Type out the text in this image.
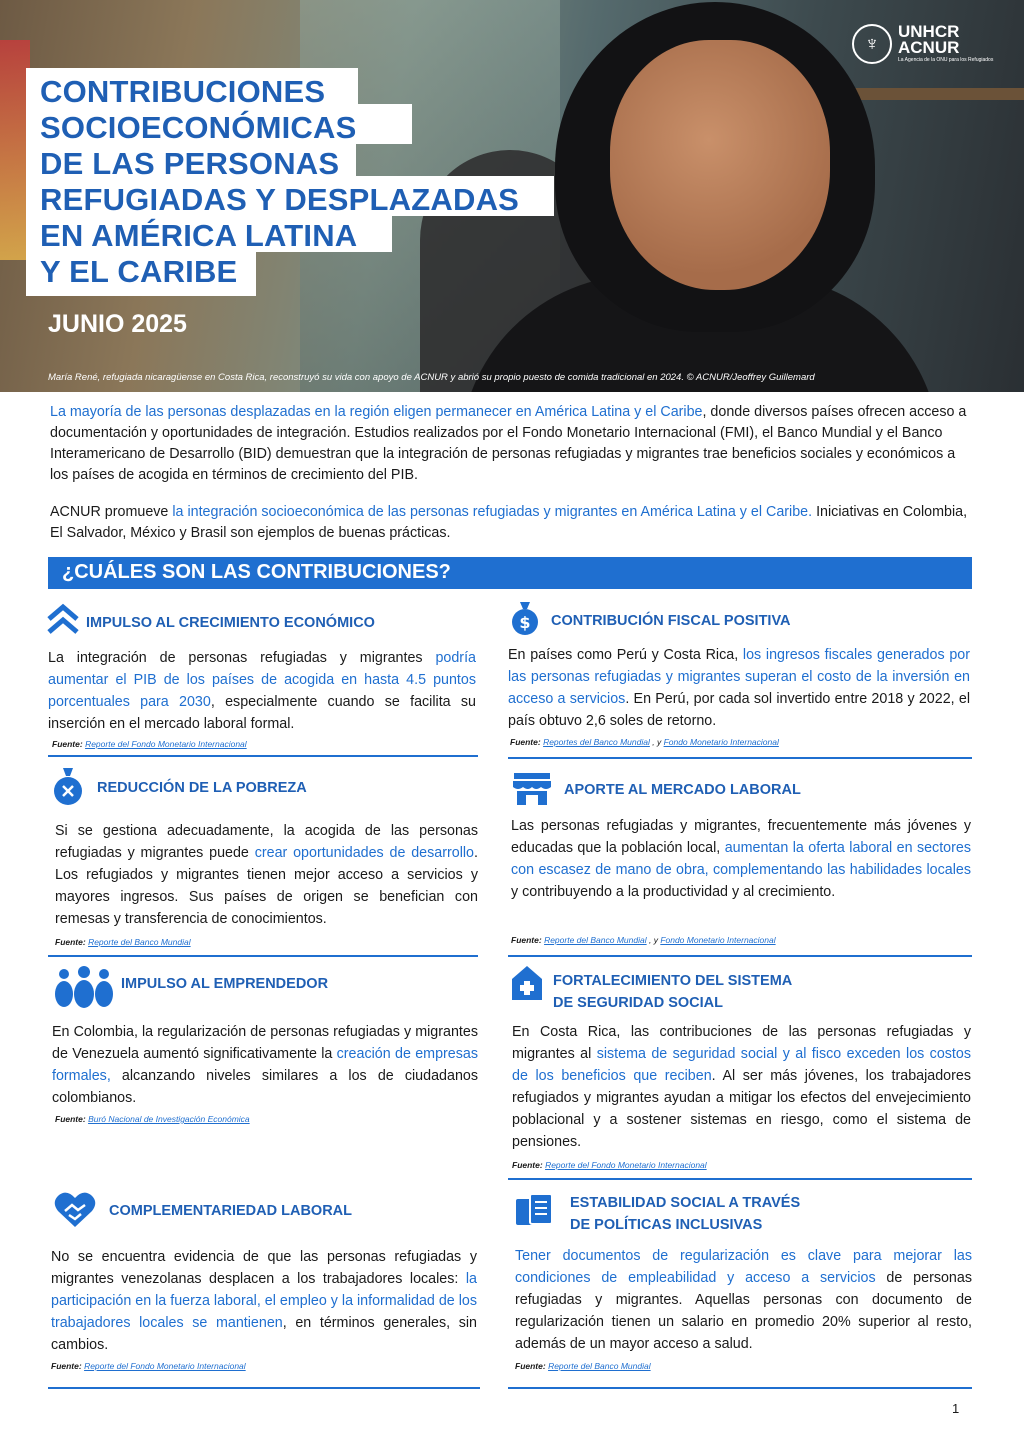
CONTRIBUCIONES
SOCIOECONÓMICAS
DE LAS PERSONAS
REFUGIADAS Y DESPLAZADAS
EN AMÉRICA LATINA
Y EL CARIBE
JUNIO 2025
María René, refugiada nicaragüense en Costa Rica, reconstruyó su vida con apoyo de ACNUR y abrió su propio puesto de comida tradicional en 2024. © ACNUR/Jeoffrey Guillemard
♆
UNHCR
ACNUR
La Agencia de la ONU para los Refugiados

La mayoría de las personas desplazadas en la región eligen permanecer en América Latina y el Caribe, donde diversos países ofrecen acceso a documentación y oportunidades de integración. Estudios realizados por el Fondo Monetario Internacional (FMI), el Banco Mundial y el Banco Interamericano de Desarrollo (BID) demuestran que la integración de personas refugiadas y migrantes trae beneficios sociales y económicos a los países de acogida en términos de crecimiento del PIB.

ACNUR promueve la integración socioeconómica de las personas refugiadas y migrantes en América Latina y el Caribe. Iniciativas en Colombia, El Salvador, México y Brasil son ejemplos de buenas prácticas.

¿CUÁLES SON LAS CONTRIBUCIONES?
IMPULSO AL CRECIMIENTO ECONÓMICO

La integración de personas refugiadas y migrantes podría aumentar el PIB de los países de acogida en hasta 4.5 puntos porcentuales para 2030, especialmente cuando se facilita su inserción en el mercado laboral formal.

Fuente: Reporte del Fondo Monetario Internacional
$ CONTRIBUCIÓN FISCAL POSITIVA

En países como Perú y Costa Rica, los ingresos fiscales generados por las personas refugiadas y migrantes superan el costo de la inversión en acceso a servicios. En Perú, por cada sol invertido entre 2018 y 2022, el país obtuvo 2,6 soles de retorno.

Fuente: Reportes del Banco Mundial , y Fondo Monetario Internacional
REDUCCIÓN DE LA POBREZA

Si se gestiona adecuadamente, la acogida de las personas refugiadas y migrantes puede crear oportunidades de desarrollo. Los refugiados y migrantes tienen mejor acceso a servicios y mayores ingresos. Sus países de origen se benefician con remesas y transferencia de conocimientos.

Fuente: Reporte del Banco Mundial
APORTE AL MERCADO LABORAL

Las personas refugiadas y migrantes, frecuentemente más jóvenes y educadas que la población local, aumentan la oferta laboral en sectores con escasez de mano de obra, complementando las habilidades locales y contribuyendo a la productividad y al crecimiento.

Fuente: Reporte del Banco Mundial , y Fondo Monetario Internacional
IMPULSO AL EMPRENDEDOR

En Colombia, la regularización de personas refugiadas y migrantes de Venezuela aumentó significativamente la creación de empresas formales, alcanzando niveles similares a los de ciudadanos colombianos.

Fuente: Buró Nacional de Investigación Económica
FORTALECIMIENTO DEL SISTEMA
DE SEGURIDAD SOCIAL

En Costa Rica, las contribuciones de las personas refugiadas y migrantes al sistema de seguridad social y al fisco exceden los costos de los beneficios que reciben. Al ser más jóvenes, los trabajadores refugiados y migrantes ayudan a mitigar los efectos del envejecimiento poblacional y a sostener sistemas en riesgo, como el sistema de pensiones.

Fuente: Reporte del Fondo Monetario Internacional
COMPLEMENTARIEDAD LABORAL

No se encuentra evidencia de que las personas refugiadas y migrantes venezolanas desplacen a los trabajadores locales: la participación en la fuerza laboral, el empleo y la informalidad de los trabajadores locales se mantienen, en términos generales, sin cambios.

Fuente: Reporte del Fondo Monetario Internacional
ESTABILIDAD SOCIAL A TRAVÉS
DE POLÍTICAS INCLUSIVAS

Tener documentos de regularización es clave para mejorar las condiciones de empleabilidad y acceso a servicios de personas refugiadas y migrantes. Aquellas personas con documento de regularización tienen un salario en promedio 20% superior al resto, además de un mayor acceso a salud.

Fuente: Reporte del Banco Mundial
1
